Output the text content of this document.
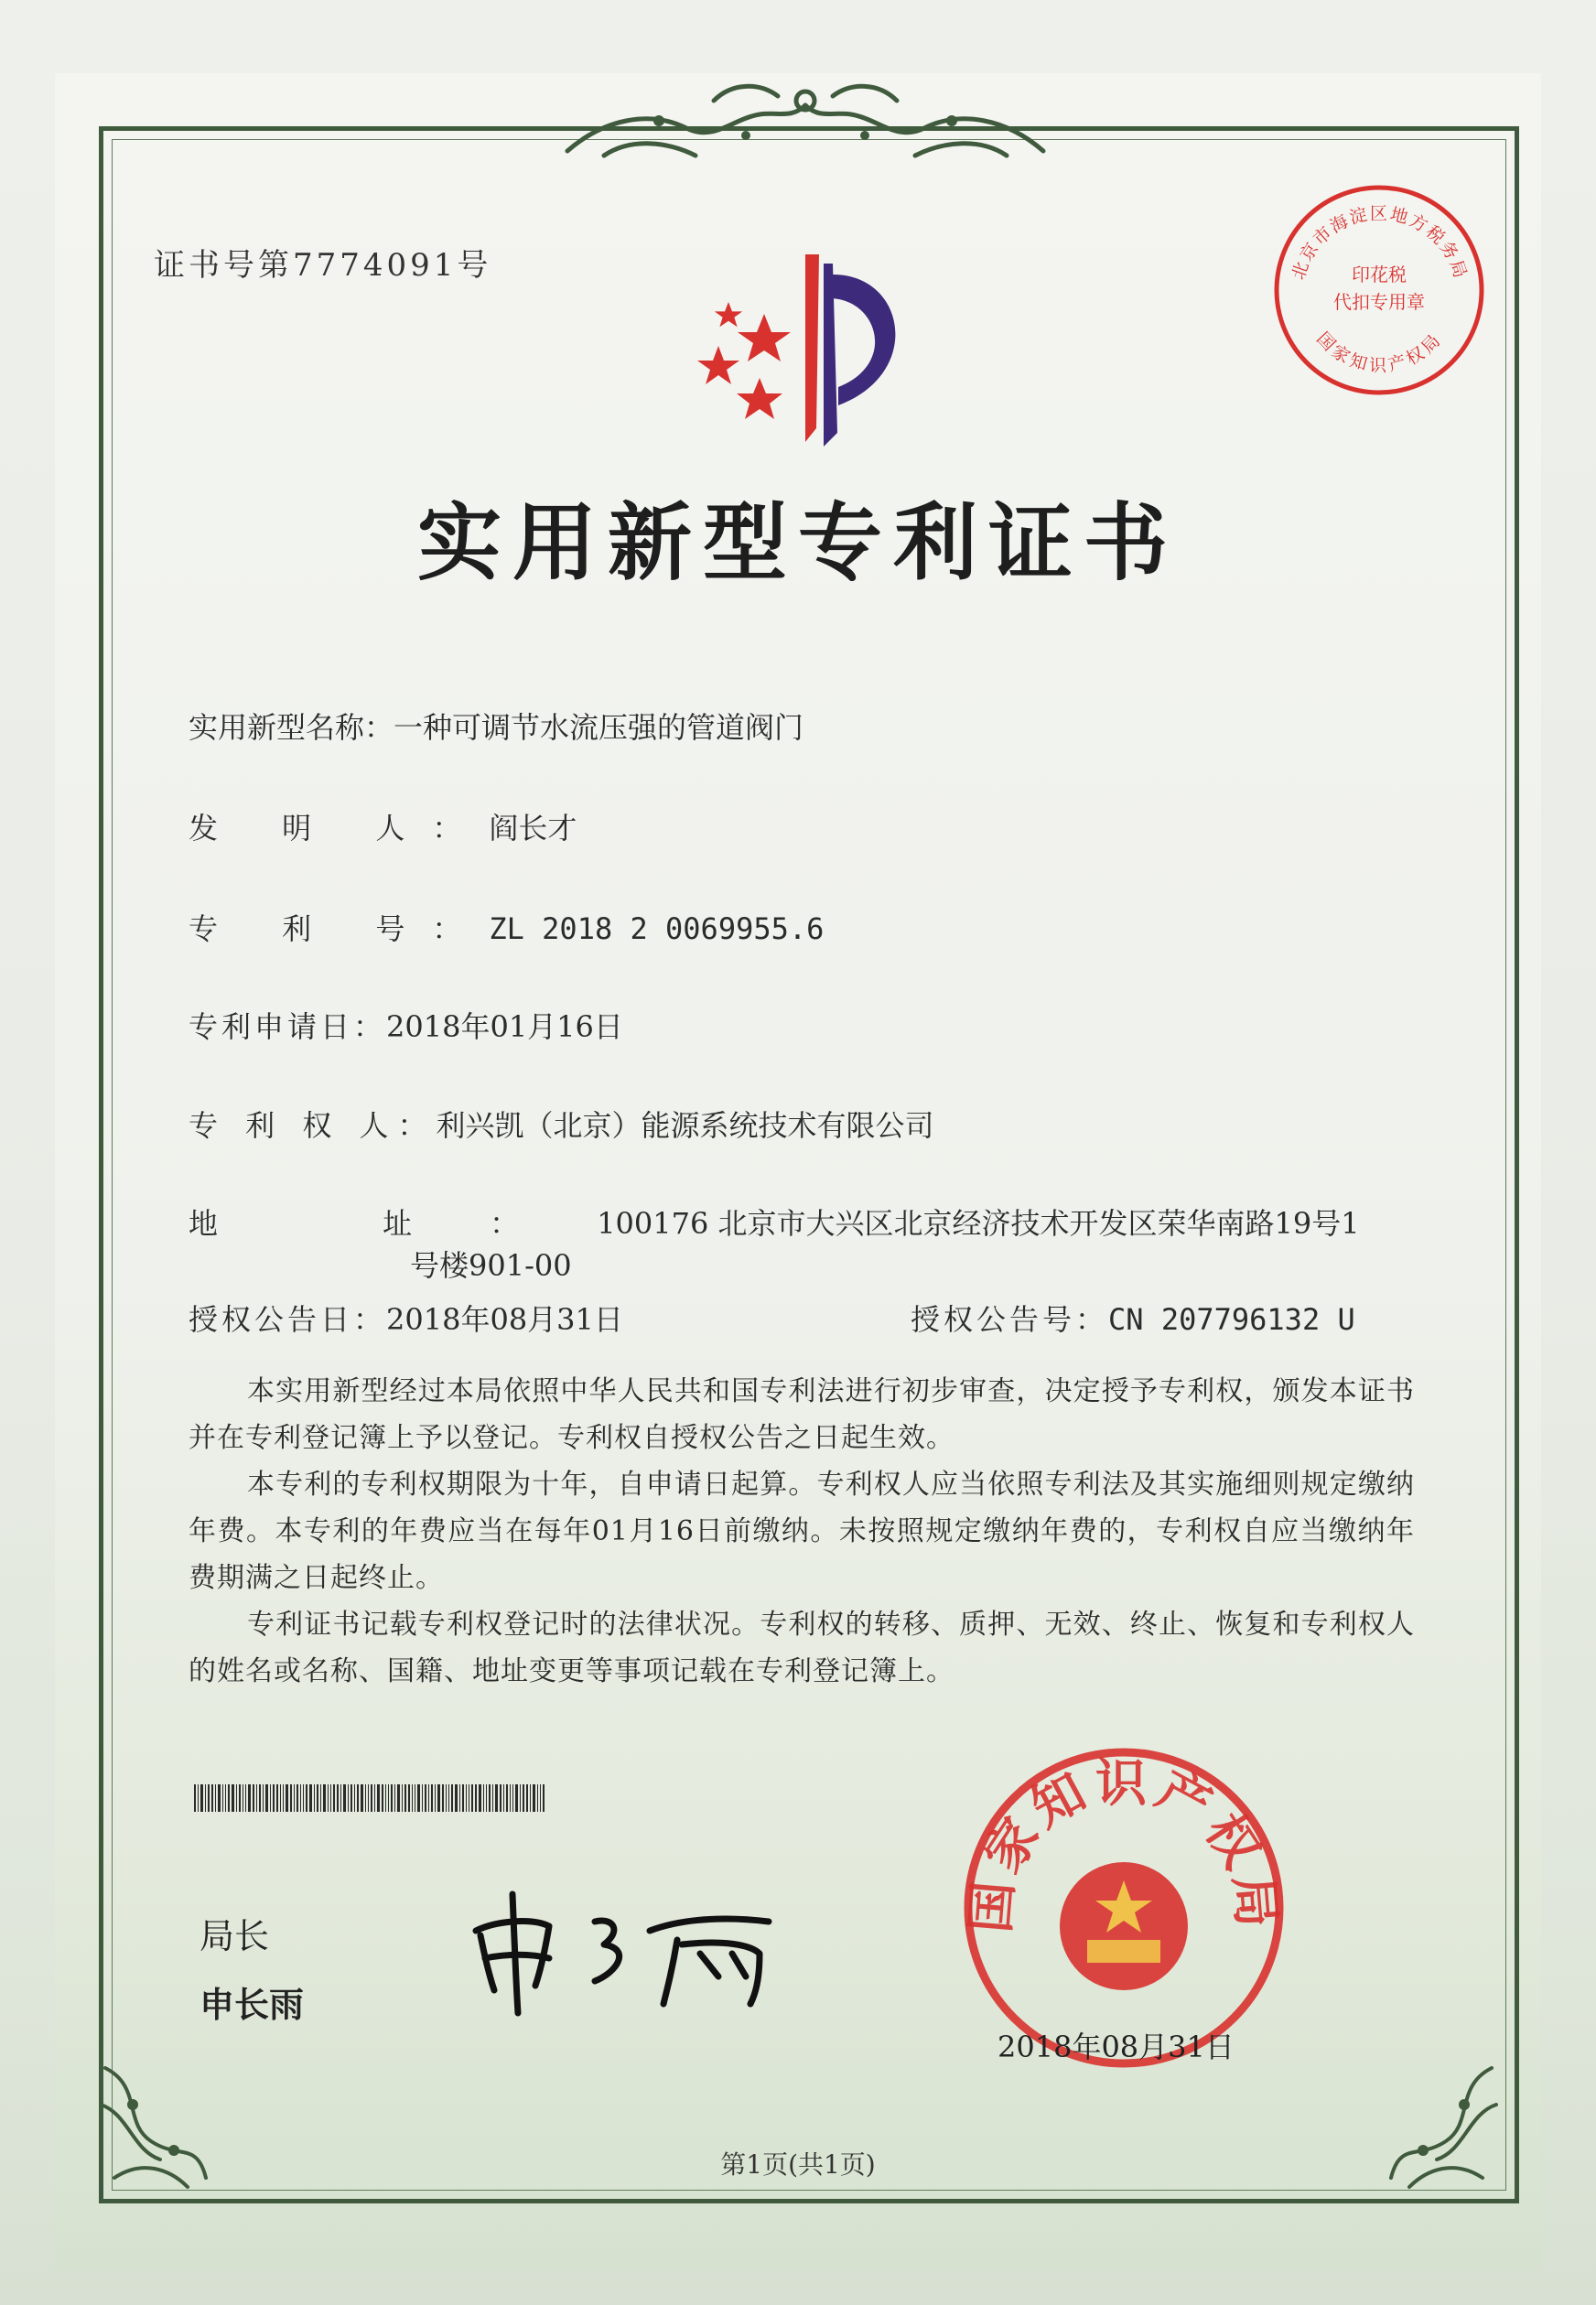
证书号第7774091号
实用新型专利证书
实用新型名称：一种可调节水流压强的管道阀门
发 明 人：阎长才
专 利 号：ZL 2018 2 0069955.6
专利申请日：2018年01月16日
专 利 权 人：利兴凯（北京）能源系统技术有限公司
地 址：100176 北京市大兴区北京经济技术开发区荣华南路19号1
号楼901-00
授权公告日：2018年08月31日	授权公告号：CN 207796132 U
本实用新型经过本局依照中华人民共和国专利法进行初步审查，决定授予专利权，颁发本证书并在专利登记簿上予以登记。专利权自授权公告之日起生效。
本专利的专利权期限为十年，自申请日起算。专利权人应当依照专利法及其实施细则规定缴纳年费。本专利的年费应当在每年01月16日前缴纳。未按照规定缴纳年费的，专利权自应当缴纳年费期满之日起终止。
专利证书记载专利权登记时的法律状况。专利权的转移、质押、无效、终止、恢复和专利权人的姓名或名称、国籍、地址变更等事项记载在专利登记簿上。
局长
申长雨
国家知识产权局
北京市海淀区地方税务局
印花税
代扣专用章
国家知识产权局
2018年08月31日
第1页(共1页)
